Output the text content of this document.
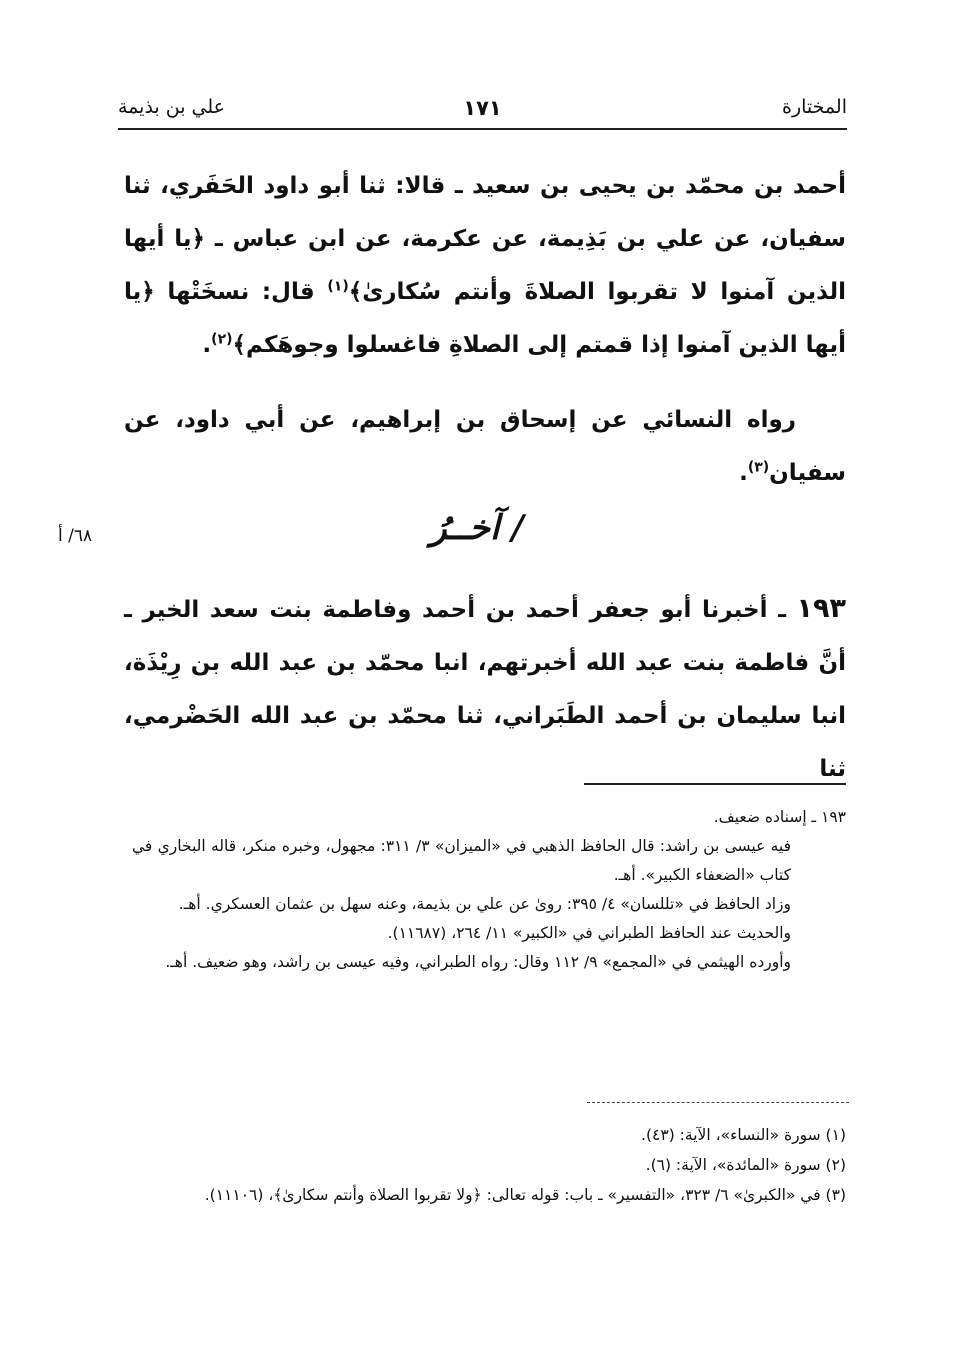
المختارة
١٧١
علي بن بذيمة
أحمد بن محمّد بن يحيى بن سعيد ـ قالا: ثنا أبو داود الحَفَري، ثنا سفيان، عن علي بن بَذِيمة، عن عكرمة، عن ابن عباس ـ ﴿يا أيها الذين آمنوا لا تقربوا الصلاةَ وأنتم سُكارىٰ﴾$^{(١)}$ قال: نسخَتْها ﴿يا أيها الذين آمنوا إذا قمتم إلى الصلاةِ فاغسلوا وجوهَكم﴾$^{(٢)}$.
رواه النسائي عن إسحاق بن إبراهيم، عن أبي داود، عن سفيان$^{(٣)}$.
/ آخــرُ
٦٨/ أ
١٩٣ ـ أخبرنا أبو جعفر أحمد بن أحمد وفاطمة بنت سعد الخير ـ أنَّ فاطمة بنت عبد الله أخبرتهم، انبا محمّد بن عبد الله بن رِيْذَة، انبا سليمان بن أحمد الطَبَراني، ثنا محمّد بن عبد الله الحَضْرمي، ثنا
١٩٣ ـ إسناده ضعيف.
فيه عيسى بن راشد: قال الحافظ الذهبي في «الميزان» ٣/ ٣١١: مجهول، وخبره منكر، قاله البخاري في كتاب «الضعفاء الكبير». أهـ.
وزاد الحافظ في «تللسان» ٤/ ٣٩٥: روىٰ عن علي بن بذيمة، وعنه سهل بن عثمان العسكري. أهـ.
والحديث عند الحافظ الطبراني في «الكبير» ١١/ ٢٦٤، (١١٦٨٧).
وأورده الهيثمي في «المجمع» ٩/ ١١٢ وقال: رواه الطبراني، وفيه عيسى بن راشد، وهو ضعيف. أهـ.
(١) سورة «النساء»، الآية: (٤٣).
(٢) سورة «المائدة»، الآية: (٦).
(٣) في «الكبرىٰ» ٦/ ٣٢٣، «التفسير» ـ باب: قوله تعالى: ﴿ولا تقربوا الصلاة وأنتم سكارىٰ﴾، (١١١٠٦).
